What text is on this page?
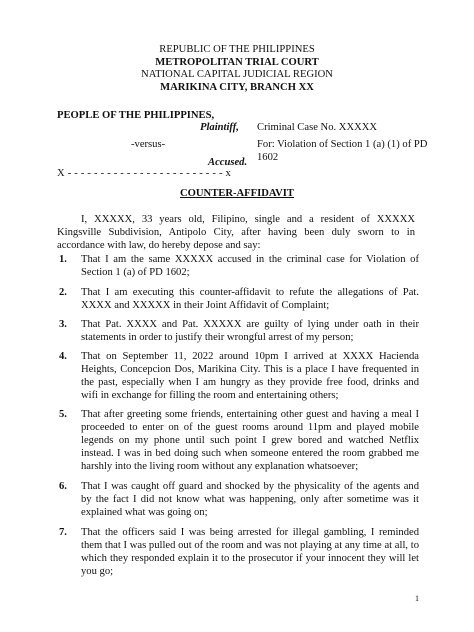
REPUBLIC OF THE PHILIPPINES
METROPOLITAN TRIAL COURT
NATIONAL CAPITAL JUDICIAL REGION
MARIKINA CITY, BRANCH XX
PEOPLE OF THE PHILIPPINES,
Plaintiff,
-versus-
Accused.
X - - - - - - - - - - - - - - - - - - - - - - - - x
Criminal Case No. XXXXX
For: Violation of Section 1 (a) (1) of PD 1602
COUNTER-AFFIDAVIT
I, XXXXX, 33 years old, Filipino, single and a resident of XXXXX Kingsville Subdivision, Antipolo City, after having been duly sworn to in accordance with law, do hereby depose and say:
1.	That I am the same XXXXX accused in the criminal case for Violation of Section 1 (a) of PD 1602;
2.	That I am executing this counter-affidavit to refute the allegations of Pat. XXXX and XXXXX in their Joint Affidavit of Complaint;
3.	That Pat. XXXX and Pat. XXXXX are guilty of lying under oath in their statements in order to justify their wrongful arrest of my person;
4.	That on September 11, 2022 around 10pm I arrived at XXXX Hacienda Heights, Concepcion Dos, Marikina City. This is a place I have frequented in the past, especially when I am hungry as they provide free food, drinks and wifi in exchange for filling the room and entertaining others;
5.	That after greeting some friends, entertaining other guest and having a meal I proceeded to enter on of the guest rooms around 11pm and played mobile legends on my phone until such point I grew bored and watched Netflix instead. I was in bed doing such when someone entered the room grabbed me harshly into the living room without any explanation whatsoever;
6.	That I was caught off guard and shocked by the physicality of the agents and by the fact I did not know what was happening, only after sometime was it explained what was going on;
7.	That the officers said I was being arrested for illegal gambling, I reminded them that I was pulled out of the room and was not playing at any time at all, to which they responded explain it to the prosecutor if your innocent they will let you go;
1
